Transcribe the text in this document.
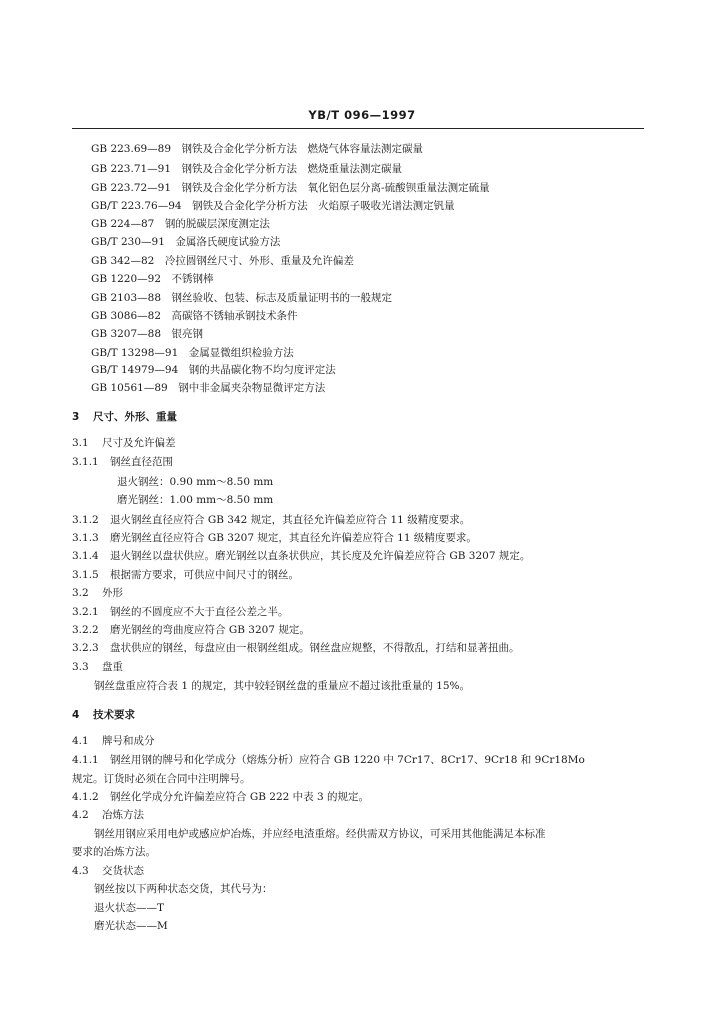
YB/T 096—1997
GB 223.69—89　钢铁及合金化学分析方法　燃烧气体容量法测定碳量
GB 223.71—91　钢铁及合金化学分析方法　燃烧重量法测定碳量
GB 223.72—91　钢铁及合金化学分析方法　氧化铝色层分离-硫酸钡重量法测定硫量
GB/T 223.76—94　钢铁及合金化学分析方法　火焰原子吸收光谱法测定钒量
GB 224—87　钢的脱碳层深度测定法
GB/T 230—91　金属洛氏硬度试验方法
GB 342—82　冷拉圆钢丝尺寸、外形、重量及允许偏差
GB 1220—92　不锈钢棒
GB 2103—88　钢丝验收、包装、标志及质量证明书的一般规定
GB 3086—82　高碳铬不锈轴承钢技术条件
GB 3207—88　银亮钢
GB/T 13298—91　金属显微组织检验方法
GB/T 14979—94　钢的共晶碳化物不均匀度评定法
GB 10561—89　钢中非金属夹杂物显微评定方法
3 尺寸、外形、重量
3.1 尺寸及允许偏差
3.1.1 钢丝直径范围
退火钢丝：0.90 mm～8.50 mm
磨光钢丝：1.00 mm～8.50 mm
3.1.2 退火钢丝直径应符合 GB 342 规定，其直径允许偏差应符合 11 级精度要求。
3.1.3 磨光钢丝直径应符合 GB 3207 规定，其直径允许偏差应符合 11 级精度要求。
3.1.4 退火钢丝以盘状供应。磨光钢丝以直条状供应，其长度及允许偏差应符合 GB 3207 规定。
3.1.5 根据需方要求，可供应中间尺寸的钢丝。
3.2 外形
3.2.1 钢丝的不圆度应不大于直径公差之半。
3.2.2 磨光钢丝的弯曲度应符合 GB 3207 规定。
3.2.3 盘状供应的钢丝，每盘应由一根钢丝组成。钢丝盘应规整，不得散乱，打结和显著扭曲。
3.3 盘重
钢丝盘重应符合表 1 的规定，其中较轻钢丝盘的重量应不超过该批重量的 15%。
4 技术要求
4.1 牌号和成分
4.1.1 钢丝用钢的牌号和化学成分（熔炼分析）应符合 GB 1220 中 7Cr17、8Cr17、9Cr18 和 9Cr18Mo
规定。订货时必须在合同中注明牌号。
4.1.2 钢丝化学成分允许偏差应符合 GB 222 中表 3 的规定。
4.2 冶炼方法
钢丝用钢应采用电炉或感应炉冶炼，并应经电渣重熔。经供需双方协议，可采用其他能满足本标准
要求的冶炼方法。
4.3 交货状态
钢丝按以下两种状态交货，其代号为：
退火状态——T
磨光状态——M
